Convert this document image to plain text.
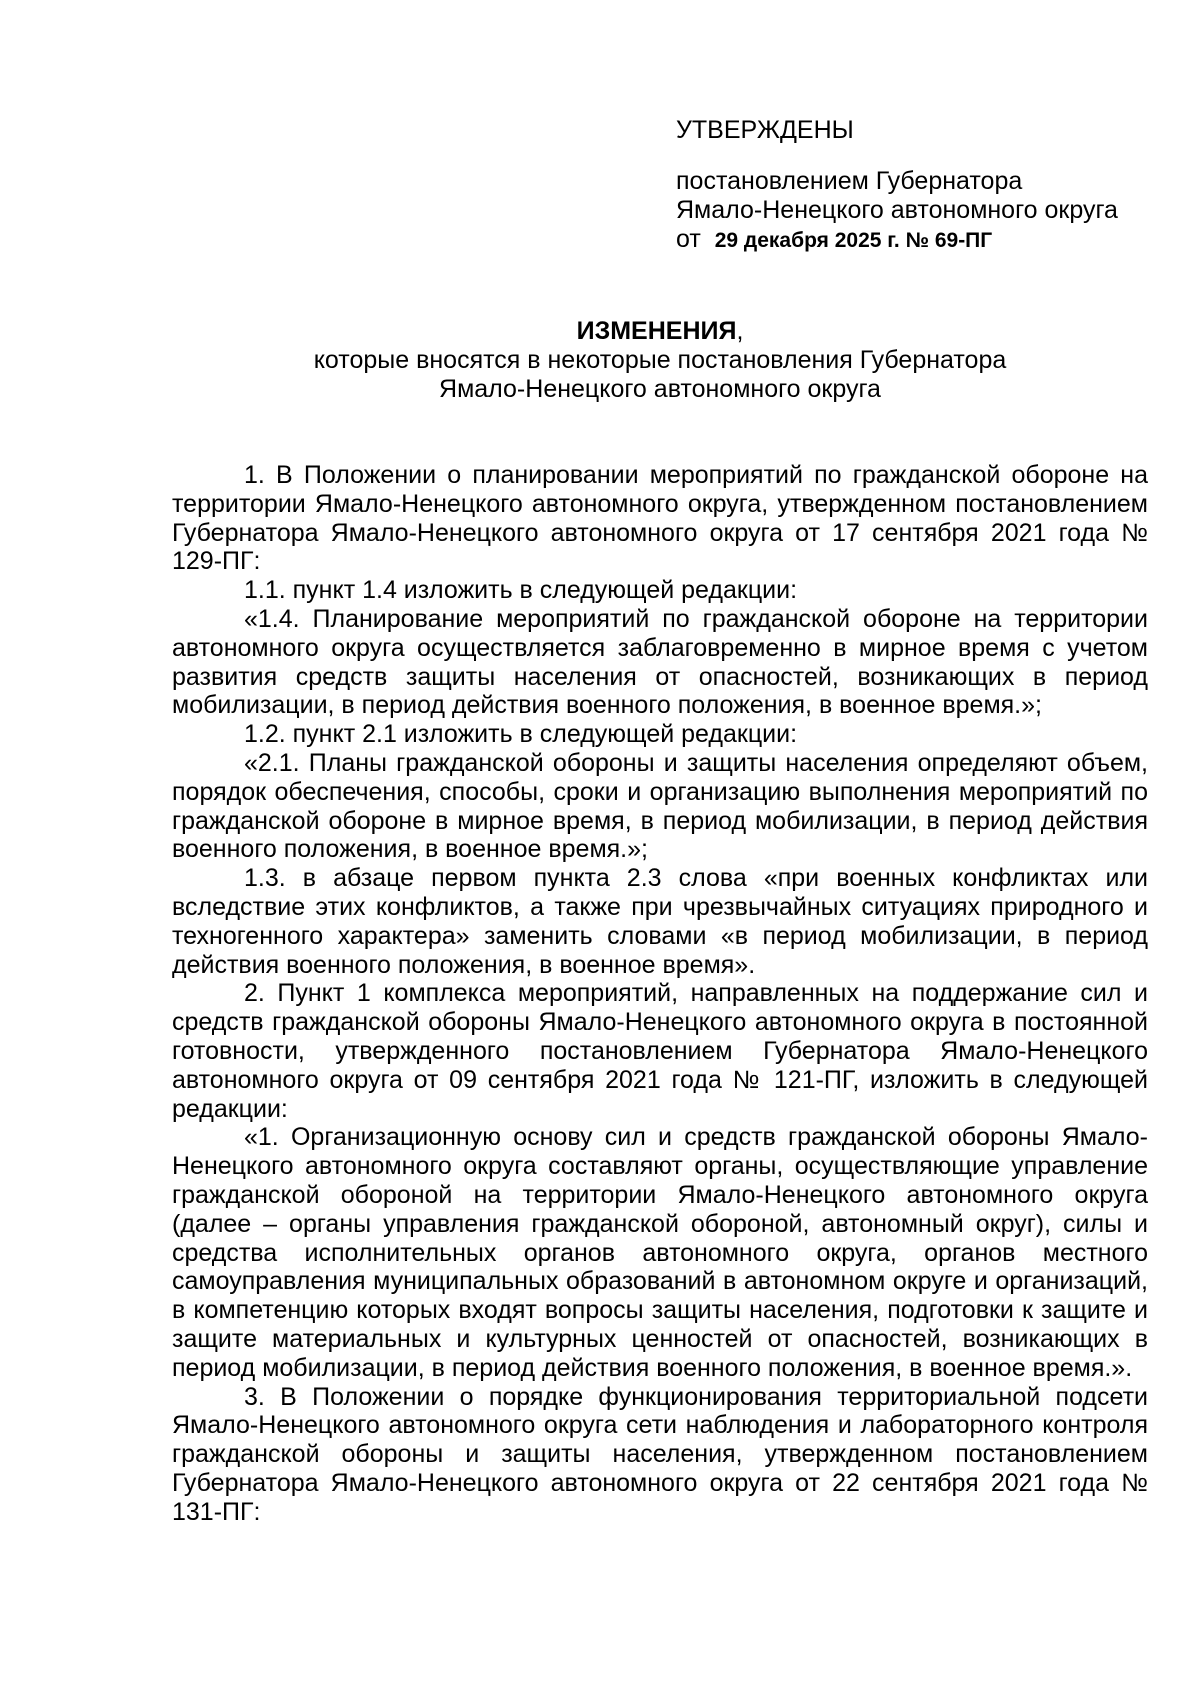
УТВЕРЖДЕНЫ
постановлением Губернатора
Ямало-Ненецкого автономного округа
от 29 декабря 2025 г. № 69-ПГ
ИЗМЕНЕНИЯ,
которые вносятся в некоторые постановления Губернатора
Ямало-Ненецкого автономного округа

1. В Положении о планировании мероприятий по гражданской обороне на территории Ямало-Ненецкого автономного округа, утвержденном постановлением Губернатора Ямало-Ненецкого автономного округа от 17 сентября 2021 года № 129-ПГ:

1.1. пункт 1.4 изложить в следующей редакции:

«1.4. Планирование мероприятий по гражданской обороне на территории автономного округа осуществляется заблаговременно в мирное время с учетом развития средств защиты населения от опасностей, возникающих в период мобилизации, в период действия военного положения, в военное время.»;

1.2. пункт 2.1 изложить в следующей редакции:

«2.1. Планы гражданской обороны и защиты населения определяют объем, порядок обеспечения, способы, сроки и организацию выполнения мероприятий по гражданской обороне в мирное время, в период мобилизации, в период действия военного положения, в военное время.»;

1.3. в абзаце первом пункта 2.3 слова «при военных конфликтах или вследствие этих конфликтов, а также при чрезвычайных ситуациях природного и техногенного характера» заменить словами «в период мобилизации, в период действия военного положения, в военное время».

2. Пункт 1 комплекса мероприятий, направленных на поддержание сил и средств гражданской обороны Ямало-Ненецкого автономного округа в постоянной готовности, утвержденного постановлением Губернатора Ямало-Ненецкого автономного округа от 09 сентября 2021 года № 121-ПГ, изложить в следующей редакции:

«1. Организационную основу сил и средств гражданской обороны Ямало-Ненецкого автономного округа составляют органы, осуществляющие управление гражданской обороной на территории Ямало-Ненецкого автономного округа (далее – органы управления гражданской обороной, автономный округ), силы и средства исполнительных органов автономного округа, органов местного самоуправления муниципальных образований в автономном округе и организаций, в компетенцию которых входят вопросы защиты населения, подготовки к защите и защите материальных и культурных ценностей от опасностей, возникающих в период мобилизации, в период действия военного положения, в военное время.».

3. В Положении о порядке функционирования территориальной подсети Ямало-Ненецкого автономного округа сети наблюдения и лабораторного контроля гражданской обороны и защиты населения, утвержденном постановлением Губернатора Ямало-Ненецкого автономного округа от 22 сентября 2021 года № 131-ПГ:
